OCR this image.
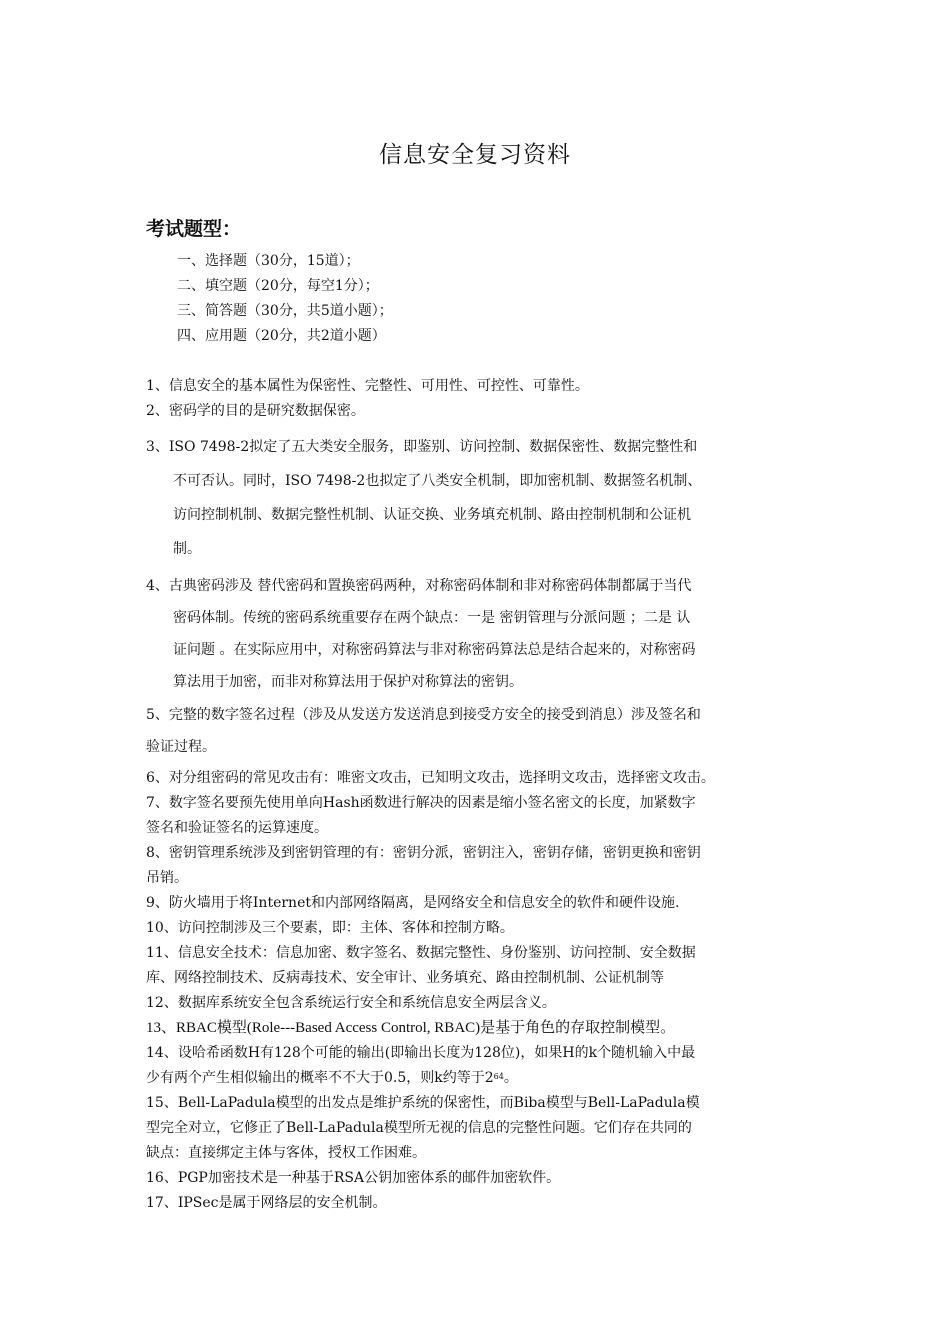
信息安全复习资料
考试题型：
一、选择题（30分，15道）；
二、填空题（20分，每空1分）；
三、简答题（30分，共5道小题）；
四、应用题（20分，共2道小题）
1、信息安全的基本属性为保密性、完整性、可用性、可控性、可靠性。
2、密码学的目的是研究数据保密。
3、ISO 7498-2拟定了五大类安全服务，即鉴别、访问控制、数据保密性、数据完整性和
不可否认。同时，ISO 7498-2也拟定了八类安全机制，即加密机制、数据签名机制、
访问控制机制、数据完整性机制、认证交换、业务填充机制、路由控制机制和公证机
制。
4、古典密码涉及 替代密码和置换密码两种，对称密码体制和非对称密码体制都属于当代
密码体制。传统的密码系统重要存在两个缺点：一是 密钥管理与分派问题 ；二是 认
证问题 。在实际应用中，对称密码算法与非对称密码算法总是结合起来的，对称密码
算法用于加密，而非对称算法用于保护对称算法的密钥。
5、完整的数字签名过程（涉及从发送方发送消息到接受方安全的接受到消息）涉及签名和
验证过程。
6、对分组密码的常见攻击有：唯密文攻击，已知明文攻击，选择明文攻击，选择密文攻击。
7、数字签名要预先使用单向Hash函数进行解决的因素是缩小签名密文的长度，加紧数字
签名和验证签名的运算速度。
8、密钥管理系统涉及到密钥管理的有：密钥分派，密钥注入，密钥存储，密钥更换和密钥
吊销。
9、防火墙用于将Internet和内部网络隔离，是网络安全和信息安全的软件和硬件设施.
10、访问控制涉及三个要素，即：主体、客体和控制方略。
11、信息安全技术：信息加密、数字签名、数据完整性、身份鉴别、访问控制、安全数据
库、网络控制技术、反病毒技术、安全审计、业务填充、路由控制机制、公证机制等
12、数据库系统安全包含系统运行安全和系统信息安全两层含义。
13、RBAC模型(Role---Based Access Control, RBAC)是基于角色的存取控制模型。
14、设哈希函数H有128个可能的输出(即输出长度为128位)，如果H的k个随机输入中最
少有两个产生相似输出的概率不不大于0.5，则k约等于$2^{64}$。
15、Bell-LaPadula模型的出发点是维护系统的保密性，而Biba模型与Bell-LaPadula模
型完全对立，它修正了Bell-LaPadula模型所无视的信息的完整性问题。它们存在共同的
缺点：直接绑定主体与客体，授权工作困难。
16、PGP加密技术是一种基于RSA公钥加密体系的邮件加密软件。
17、IPSec是属于网络层的安全机制。
